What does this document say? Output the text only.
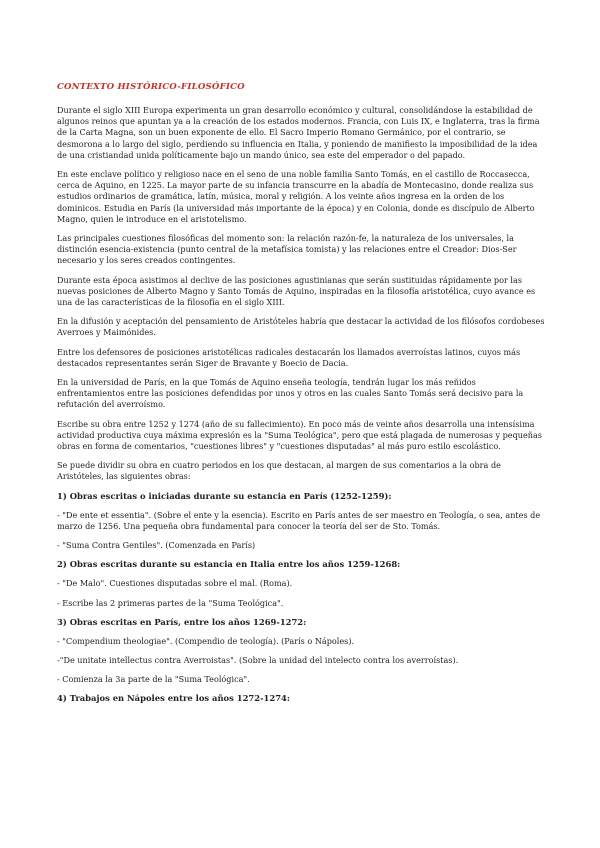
CONTEXTO HISTÓRICO-FILOSÓFICO

Durante el siglo XIII Europa experimenta un gran desarrollo económico y cultural, consolidándose la estabilidad de algunos reinos que apuntan ya a la creación de los estados modernos. Francia, con Luis IX, e Inglaterra, tras la firma de la Carta Magna, son un buen exponente de ello. El Sacro Imperio Romano Germánico, por el contrario, se desmorona a lo largo del siglo, perdiendo su influencia en Italia, y poniendo de manifiesto la imposibilidad de la idea de una cristiandad unida políticamente bajo un mando único, sea este del emperador o del papado.

En este enclave político y religioso nace en el seno de una noble familia Santo Tomás, en el castillo de Roccasecca, cerca de Aquino, en 1225. La mayor parte de su infancia transcurre en la abadía de Montecasino, donde realiza sus estudios ordinarios de gramática, latín, música, moral y religión. A los veinte años ingresa en la orden de los dominicos. Estudia en París (la universidad más importante de la época) y en Colonia, donde es discípulo de Alberto Magno, quien le introduce en el aristotelismo.

Las principales cuestiones filosóficas del momento son: la relación razón-fe, la naturaleza de los universales, la distinción esencia-existencia (punto central de la metafísica tomista) y las relaciones entre el Creador: Dios-Ser necesario y los seres creados contingentes.

Durante esta época asistimos al declive de las posiciones agustinianas que serán sustituidas rápidamente por las nuevas posiciones de Alberto Magno y Santo Tomás de Aquino, inspiradas en la filosofía aristotélica, cuyo avance es una de las características de la filosofía en el siglo XIII.

En la difusión y aceptación del pensamiento de Aristóteles habría que destacar la actividad de los filósofos cordobeses Averroes y Maimónides.

Entre los defensores de posiciones aristotélicas radicales destacarán los llamados averroístas latinos, cuyos más destacados representantes serán Siger de Bravante y Boecio de Dacia.

En la universidad de París, en la que Tomás de Aquino enseña teología, tendrán lugar los más reñidos enfrentamientos entre las posiciones defendidas por unos y otros en las cuales Santo Tomás será decisivo para la refutación del averroísmo.

Escribe su obra entre 1252 y 1274 (año de su fallecimiento). En poco más de veinte años desarrolla una intensísima actividad productiva cuya máxima expresión es la "Suma Teológica", pero que está plagada de numerosas y pequeñas obras en forma de comentarios, "cuestiones libres" y "cuestiones disputadas" al más puro estilo escolástico.

Se puede dividir su obra en cuatro periodos en los que destacan, al margen de sus comentarios a la obra de Aristóteles, las siguientes obras:

1) Obras escritas o iniciadas durante su estancia en París (1252-1259):

- "De ente et essentia". (Sobre el ente y la esencia). Escrito en París antes de ser maestro en Teología, o sea, antes de marzo de 1256. Una pequeña obra fundamental para conocer la teoría del ser de Sto. Tomás.

- "Suma Contra Gentiles". (Comenzada en París)

2) Obras escritas durante su estancia en Italia entre los años 1259-1268:

- "De Malo". Cuestiones disputadas sobre el mal. (Roma).

- Escribe las 2 primeras partes de la "Suma Teológica".

3) Obras escritas en París, entre los años 1269-1272:

- "Compendium theologiae". (Compendio de teología). (París o Nápoles).

-"De unitate intellectus contra Averroistas". (Sobre la unidad del intelecto contra los averroístas).

- Comienza la 3a parte de la "Suma Teológica".

4) Trabajos en Nápoles entre los años 1272-1274:
